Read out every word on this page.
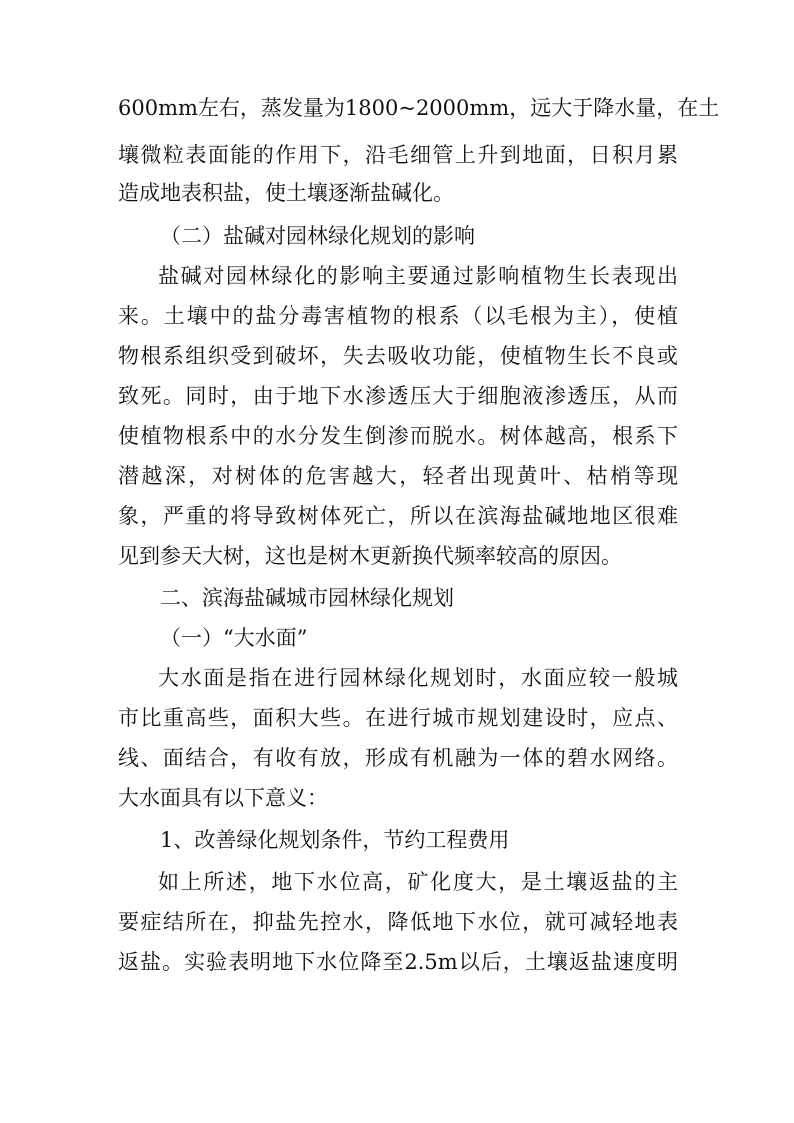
600mm左右，蒸发量为1800~2000mm，远大于降水量，在土
壤微粒表面能的作用下，沿毛细管上升到地面，日积月累
造成地表积盐，使土壤逐渐盐碱化。
（二）盐碱对园林绿化规划的影响
盐碱对园林绿化的影响主要通过影响植物生长表现出
来。土壤中的盐分毒害植物的根系（以毛根为主），使植
物根系组织受到破坏，失去吸收功能，使植物生长不良或
致死。同时，由于地下水渗透压大于细胞液渗透压，从而
使植物根系中的水分发生倒渗而脱水。树体越高，根系下
潜越深，对树体的危害越大，轻者出现黄叶、枯梢等现
象，严重的将导致树体死亡，所以在滨海盐碱地地区很难
见到参天大树，这也是树木更新换代频率较高的原因。
二、滨海盐碱城市园林绿化规划
（一）“大水面”
大水面是指在进行园林绿化规划时，水面应较一般城
市比重高些，面积大些。在进行城市规划建设时，应点、
线、面结合，有收有放，形成有机融为一体的碧水网络。
大水面具有以下意义：
1、改善绿化规划条件，节约工程费用
如上所述，地下水位高，矿化度大，是土壤返盐的主
要症结所在，抑盐先控水，降低地下水位，就可减轻地表
返盐。实验表明地下水位降至2.5m以后，土壤返盐速度明
